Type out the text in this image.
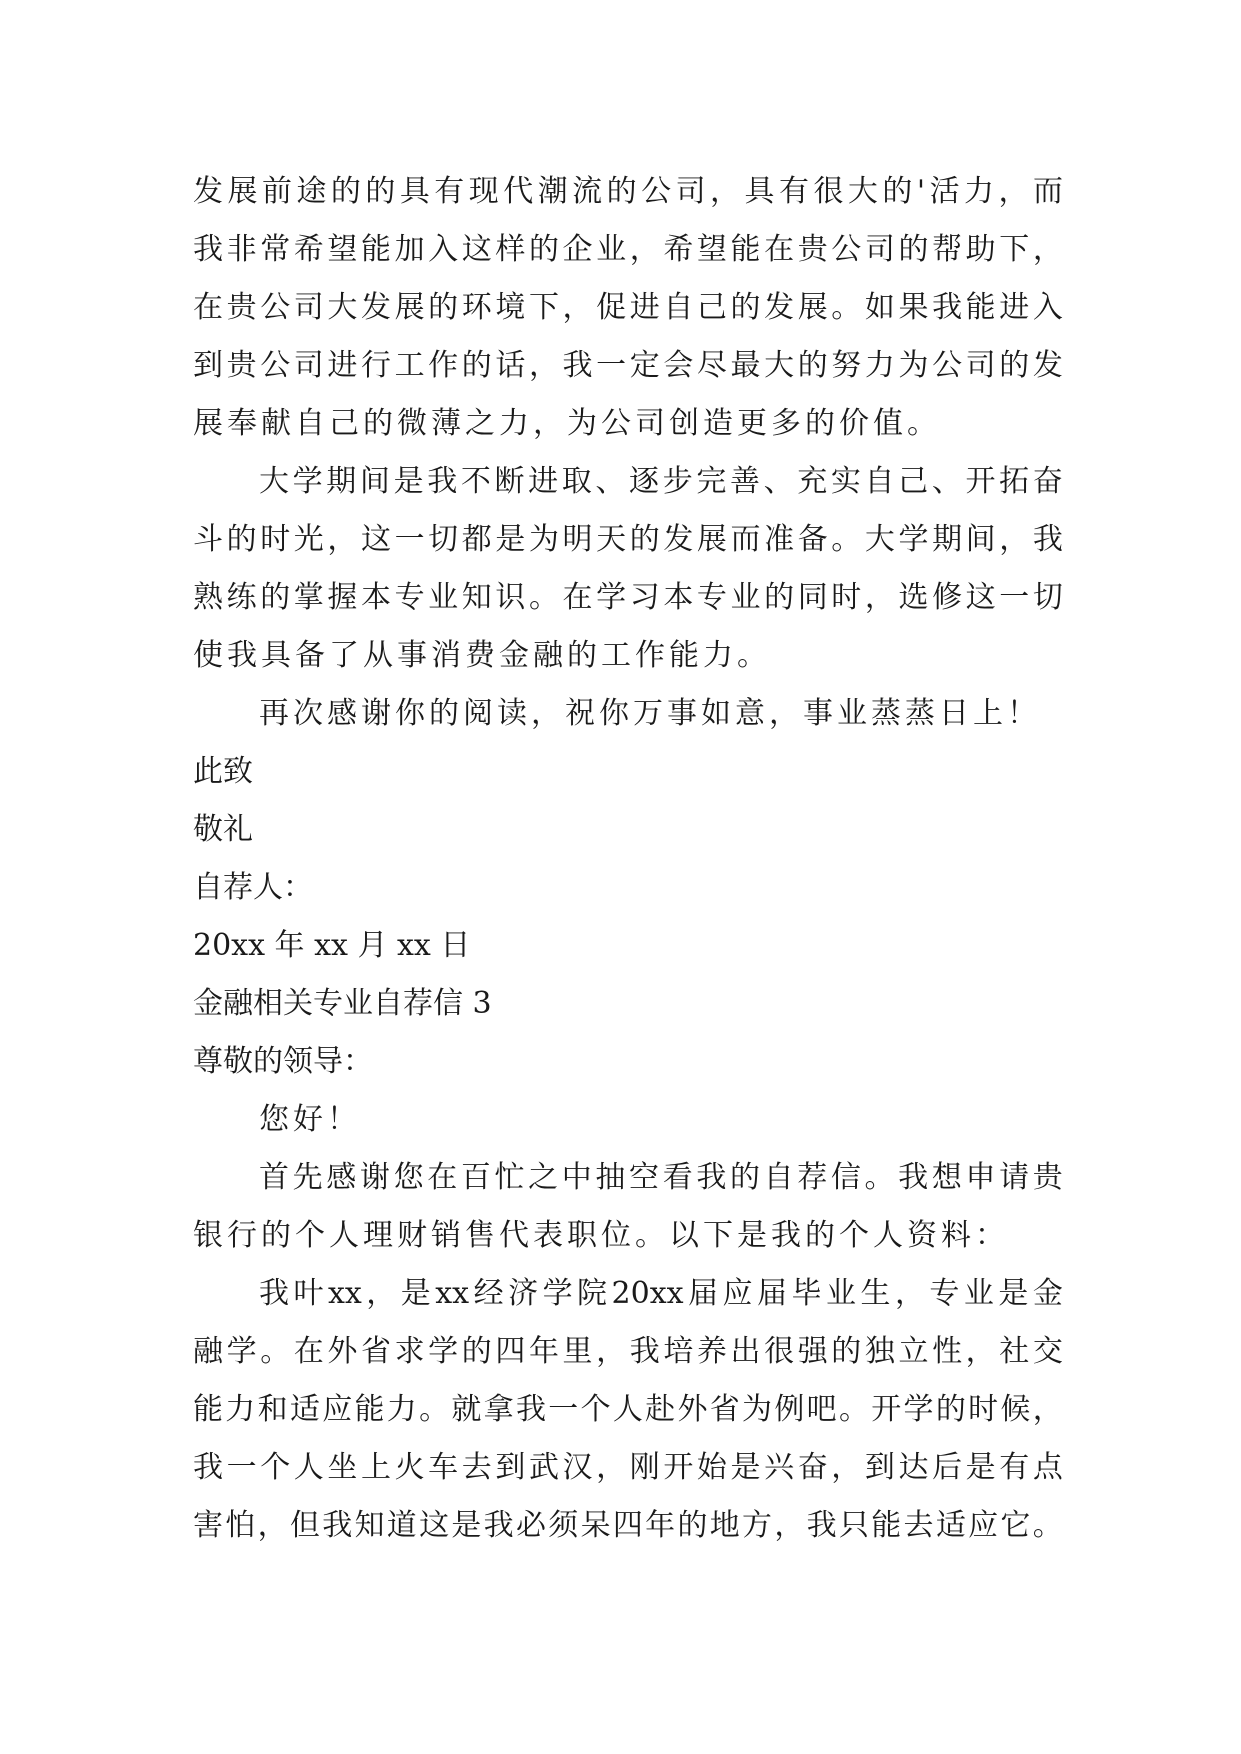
发 展 前 途 的 的 具 有 现 代 潮 流 的 公 司 ， 具 有 很 大 的 ' 活 力 ， 而
我 非 常 希 望 能 加 入 这 样 的 企 业 ， 希 望 能 在 贵 公 司 的 帮 助 下 ，
在 贵 公 司 大 发 展 的 环 境 下 ， 促 进 自 己 的 发 展 。 如 果 我 能 进 入
到 贵 公 司 进 行 工 作 的 话 ， 我 一 定 会 尽 最 大 的 努 力 为 公 司 的 发
展奉献自己的微薄之力，为公司创造更多的价值。
大 学 期 间 是 我 不 断 进 取 、 逐 步 完 善 、 充 实 自 己 、 开 拓 奋
斗 的 时 光 ， 这 一 切 都 是 为 明 天 的 发 展 而 准 备 。 大 学 期 间 ， 我
熟 练 的 掌 握 本 专 业 知 识 。 在 学 习 本 专 业 的 同 时 ， 选 修 这 一 切
使我具备了从事消费金融的工作能力。
再次感谢你的阅读，祝你万事如意，事业蒸蒸日上！
此致
敬礼
自荐人：
20xx 年 xx 月 xx 日
金融相关专业自荐信 3
尊敬的领导：
您好！
首 先 感 谢 您 在 百 忙 之 中 抽 空 看 我 的 自 荐 信 。 我 想 申 请 贵
银行的个人理财销售代表职位。以下是我的个人资料：
我 叶 xx ， 是 xx 经 济 学 院 20xx 届 应 届 毕 业 生 ， 专 业 是 金
融 学 。 在 外 省 求 学 的 四 年 里 ， 我 培 养 出 很 强 的 独 立 性 ， 社 交
能 力 和 适 应 能 力 。 就 拿 我 一 个 人 赴 外 省 为 例 吧 。 开 学 的 时 候 ，
我 一 个 人 坐 上 火 车 去 到 武 汉 ， 刚 开 始 是 兴 奋 ， 到 达 后 是 有 点
害 怕 ， 但 我 知 道 这 是 我 必 须 呆 四 年 的 地 方 ， 我 只 能 去 适 应 它 。
